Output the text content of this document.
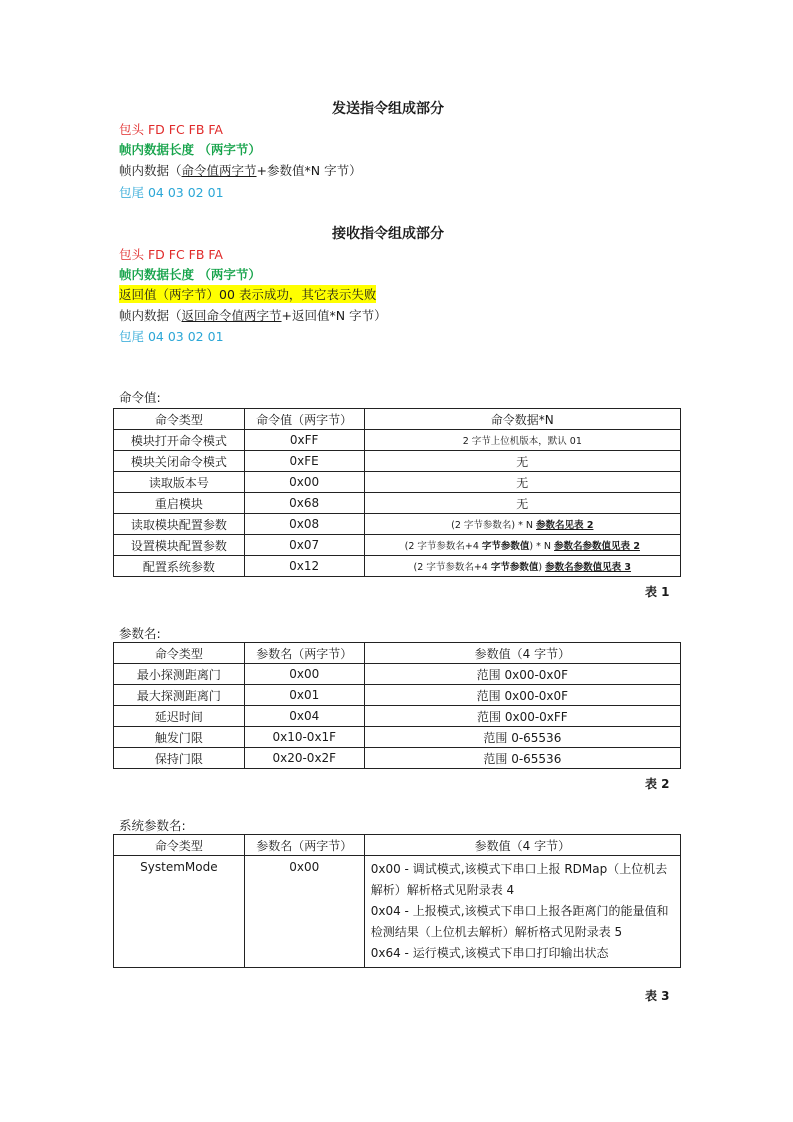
发送指令组成部分
包头 FD FC FB FA
帧内数据长度 （两字节）
帧内数据（命令值两字节+参数值*N 字节）
包尾 04 03 02 01
接收指令组成部分
包头 FD FC FB FA
帧内数据长度 （两字节）
返回值（两字节）00 表示成功，其它表示失败
帧内数据（返回命令值两字节+返回值*N 字节）
包尾 04 03 02 01
命令值:
命令类型	命令值（两字节）	命令数据*N
模块打开命令模式	0xFF	2 字节上位机版本，默认 01
模块关闭命令模式	0xFE	无
读取版本号	0x00	无
重启模块	0x68	无
读取模块配置参数	0x08	(2 字节参数名) * N 参数名见表 2
设置模块配置参数	0x07	(2 字节参数名+4 字节参数值) * N 参数名参数值见表 2
配置系统参数	0x12	(2 字节参数名+4 字节参数值) 参数名参数值见表 3
表 1
参数名:
命令类型	参数名（两字节）	参数值（4 字节）
最小探测距离门	0x00	范围 0x00-0x0F
最大探测距离门	0x01	范围 0x00-0x0F
延迟时间	0x04	范围 0x00-0xFF
触发门限	0x10-0x1F	范围 0-65536
保持门限	0x20-0x2F	范围 0-65536
表 2
系统参数名:
命令类型	参数名（两字节）	参数值（4 字节）
SystemMode	0x00	0x00 - 调试模式,该模式下串口上报 RDMap（上位机去解析）解析格式见附录表 4
0x04 - 上报模式,该模式下串口上报各距离门的能量值和检测结果（上位机去解析）解析格式见附录表 5
0x64 - 运行模式,该模式下串口打印输出状态
表 3
